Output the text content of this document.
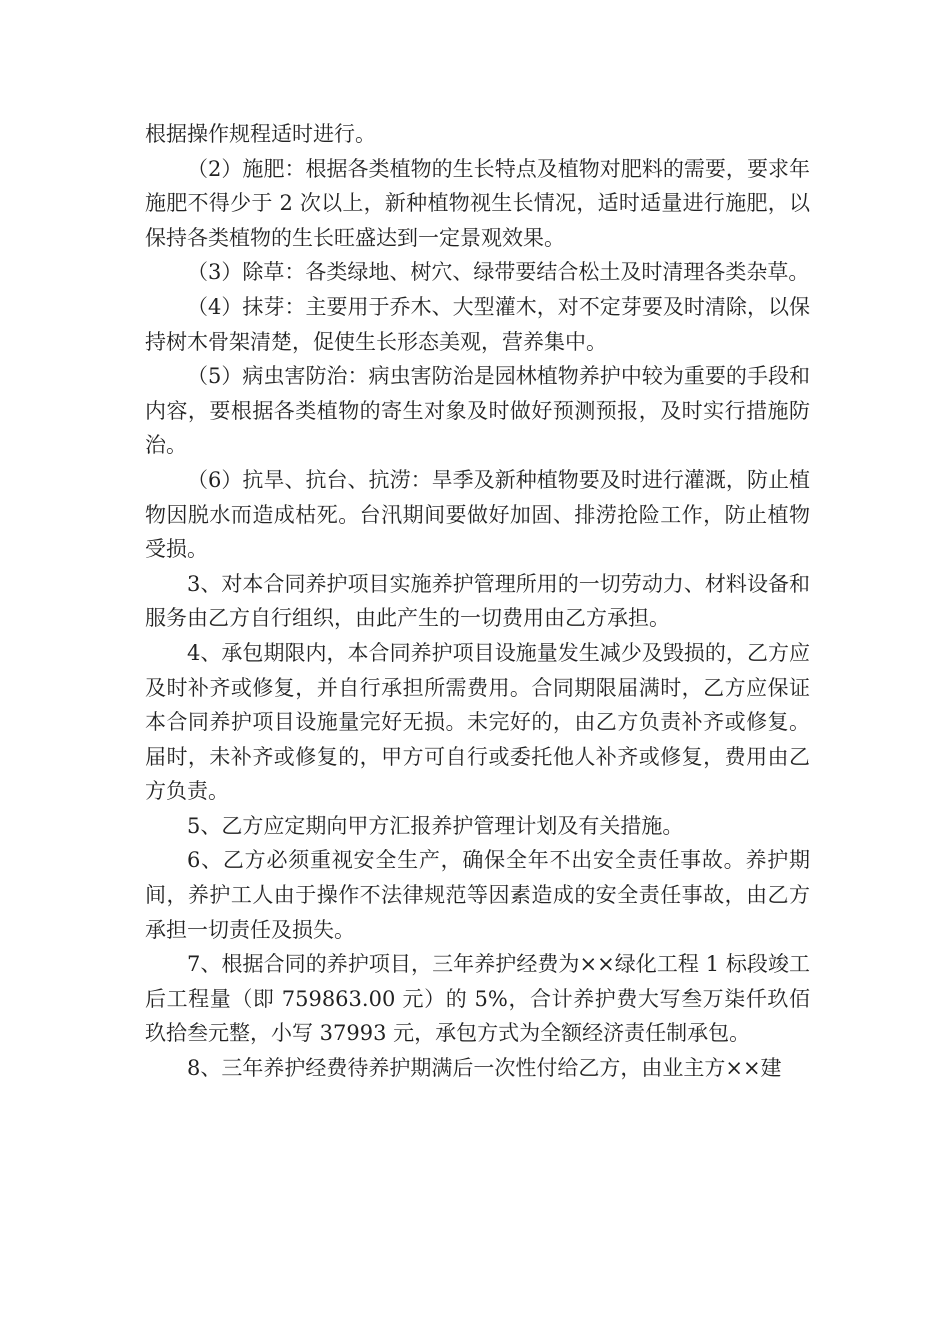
根据操作规程适时进行。

（2）施肥：根据各类植物的生长特点及植物对肥料的需要，要求年施肥不得少于 2 次以上，新种植物视生长情况，适时适量进行施肥，以保持各类植物的生长旺盛达到一定景观效果。

（3）除草：各类绿地、树穴、绿带要结合松土及时清理各类杂草。

（4）抹芽：主要用于乔木、大型灌木，对不定芽要及时清除，以保持树木骨架清楚，促使生长形态美观，营养集中。

（5）病虫害防治：病虫害防治是园林植物养护中较为重要的手段和内容，要根据各类植物的寄生对象及时做好预测预报，及时实行措施防治。

（6）抗旱、抗台、抗涝：旱季及新种植物要及时进行灌溉，防止植物因脱水而造成枯死。台汛期间要做好加固、排涝抢险工作，防止植物受损。

3、对本合同养护项目实施养护管理所用的一切劳动力、材料设备和服务由乙方自行组织，由此产生的一切费用由乙方承担。

4、承包期限内，本合同养护项目设施量发生减少及毁损的，乙方应及时补齐或修复，并自行承担所需费用。合同期限届满时，乙方应保证本合同养护项目设施量完好无损。未完好的，由乙方负责补齐或修复。届时，未补齐或修复的，甲方可自行或委托他人补齐或修复，费用由乙方负责。

5、乙方应定期向甲方汇报养护管理计划及有关措施。

6、乙方必须重视安全生产，确保全年不出安全责任事故。养护期间，养护工人由于操作不法律规范等因素造成的安全责任事故，由乙方承担一切责任及损失。

7、根据合同的养护项目，三年养护经费为××绿化工程 1 标段竣工后工程量（即 759863.00 元）的 5%，合计养护费大写叁万柒仟玖佰玖拾叁元整，小写 37993 元，承包方式为全额经济责任制承包。

8、三年养护经费待养护期满后一次性付给乙方，由业主方××建
